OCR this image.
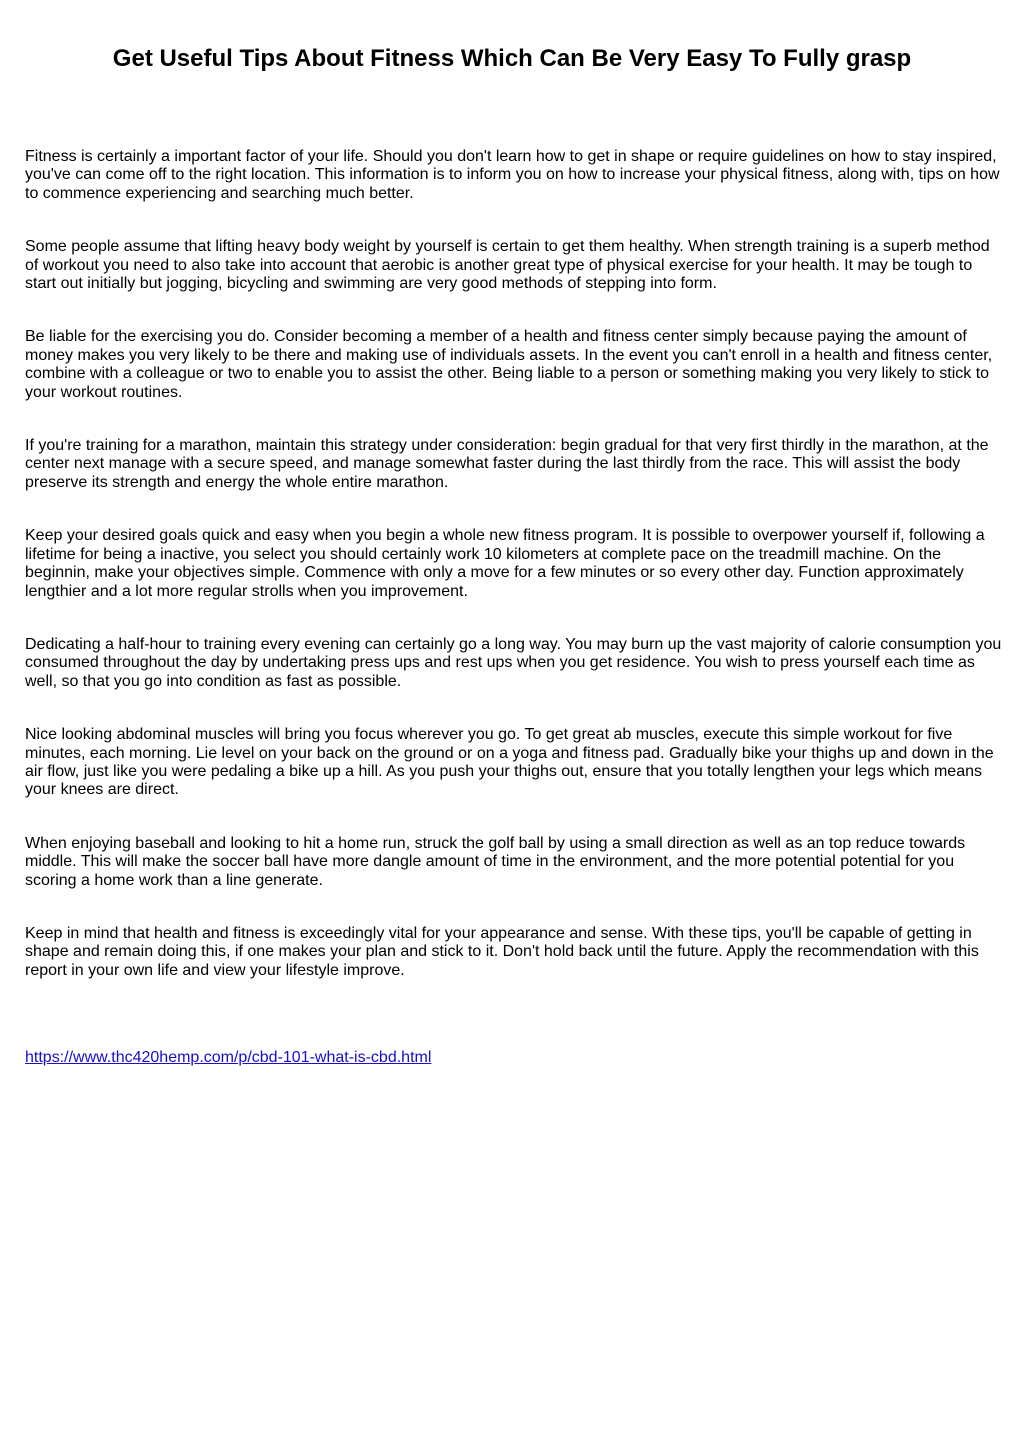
Get Useful Tips About Fitness Which Can Be Very Easy To Fully grasp

Fitness is certainly a important factor of your life. Should you don't learn how to get in shape or require guidelines on how to stay inspired, you've can come off to the right location. This information is to inform you on how to increase your physical fitness, along with, tips on how to commence experiencing and searching much better.

Some people assume that lifting heavy body weight by yourself is certain to get them healthy. When strength training is a superb method of workout you need to also take into account that aerobic is another great type of physical exercise for your health. It may be tough to start out initially but jogging, bicycling and swimming are very good methods of stepping into form.

Be liable for the exercising you do. Consider becoming a member of a health and fitness center simply because paying the amount of money makes you very likely to be there and making use of individuals assets. In the event you can't enroll in a health and fitness center, combine with a colleague or two to enable you to assist the other. Being liable to a person or something making you very likely to stick to your workout routines.

If you're training for a marathon, maintain this strategy under consideration: begin gradual for that very first thirdly in the marathon, at the center next manage with a secure speed, and manage somewhat faster during the last thirdly from the race. This will assist the body preserve its strength and energy the whole entire marathon.

Keep your desired goals quick and easy when you begin a whole new fitness program. It is possible to overpower yourself if, following a lifetime for being a inactive, you select you should certainly work 10 kilometers at complete pace on the treadmill machine. On the beginnin, make your objectives simple. Commence with only a move for a few minutes or so every other day. Function approximately lengthier and a lot more regular strolls when you improvement.

Dedicating a half-hour to training every evening can certainly go a long way. You may burn up the vast majority of calorie consumption you consumed throughout the day by undertaking press ups and rest ups when you get residence. You wish to press yourself each time as well, so that you go into condition as fast as possible.

Nice looking abdominal muscles will bring you focus wherever you go. To get great ab muscles, execute this simple workout for five minutes, each morning. Lie level on your back on the ground or on a yoga and fitness pad. Gradually bike your thighs up and down in the air flow, just like you were pedaling a bike up a hill. As you push your thighs out, ensure that you totally lengthen your legs which means your knees are direct.

When enjoying baseball and looking to hit a home run, struck the golf ball by using a small direction as well as an top reduce towards middle. This will make the soccer ball have more dangle amount of time in the environment, and the more potential potential for you scoring a home work than a line generate.

Keep in mind that health and fitness is exceedingly vital for your appearance and sense. With these tips, you'll be capable of getting in shape and remain doing this, if one makes your plan and stick to it. Don't hold back until the future. Apply the recommendation with this report in your own life and view your lifestyle improve.

https://www.thc420hemp.com/p/cbd-101-what-is-cbd.html
